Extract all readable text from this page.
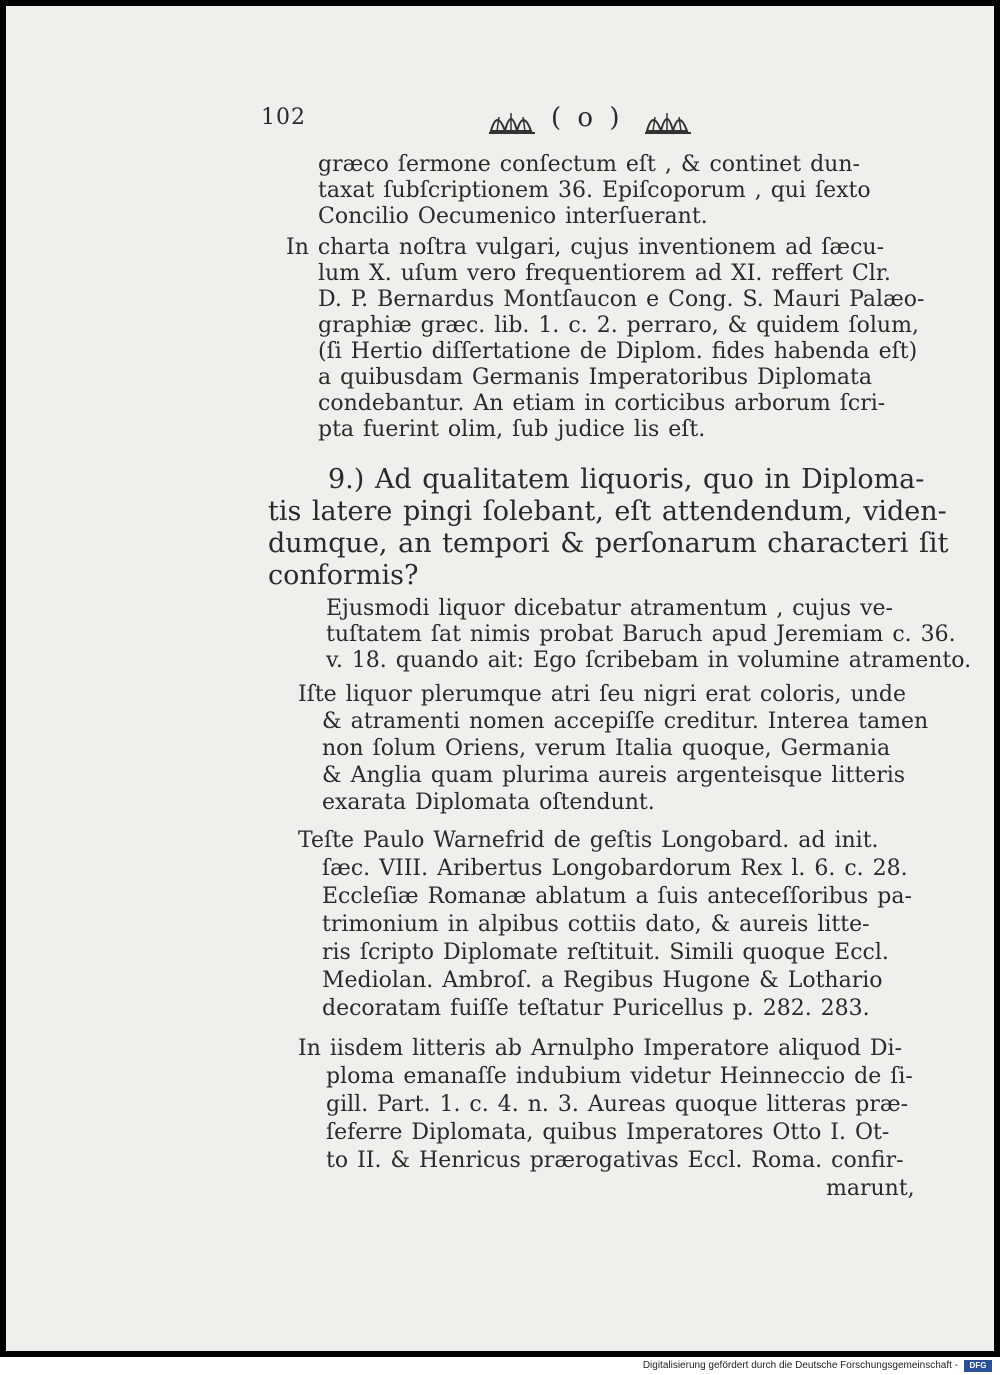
102	( o )
græco ſermone conſectum eſt , & continet dun-
taxat ſubſcriptionem 36. Epiſcoporum , qui ſexto
Concilio Oecumenico interſuerant.
In charta noſtra vulgari, cujus inventionem ad ſæcu-
lum X. uſum vero frequentiorem ad XI. reffert Clr.
D. P. Bernardus Montſaucon e Cong. S. Mauri Palæo-
graphiæ græc. lib. 1. c. 2. perraro, & quidem ſolum,
(ſi Hertio diſſertatione de Diplom. fides habenda eſt)
a quibusdam Germanis Imperatoribus Diplomata
condebantur. An etiam in corticibus arborum ſcri-
pta fuerint olim, ſub judice lis eſt.
9.) Ad qualitatem liquoris, quo in Diploma-
tis latere pingi ſolebant, eſt attendendum, viden-
dumque, an tempori & perſonarum characteri ſit
conformis?
Ejusmodi liquor dicebatur atramentum , cujus ve-
tuſtatem ſat nimis probat Baruch apud Jeremiam c. 36.
v. 18. quando ait: Ego ſcribebam in volumine atramento.
Iſte liquor plerumque atri ſeu nigri erat coloris, unde
& atramenti nomen accepiſſe creditur. Interea tamen
non ſolum Oriens, verum Italia quoque, Germania
& Anglia quam plurima aureis argenteisque litteris
exarata Diplomata oſtendunt.
Teſte Paulo Warnefrid de geſtis Longobard. ad init.
ſæc. VIII. Aribertus Longobardorum Rex l. 6. c. 28.
Eccleſiæ Romanæ ablatum a ſuis anteceſſoribus pa-
trimonium in alpibus cottiis dato, & aureis litte-
ris ſcripto Diplomate reſtituit. Simili quoque Eccl.
Mediolan. Ambroſ. a Regibus Hugone & Lothario
decoratam fuiſſe teſtatur Puricellus p. 282. 283.
In iisdem litteris ab Arnulpho Imperatore aliquod Di-
ploma emanaſſe indubium videtur Heinneccio de ſi-
gill. Part. 1. c. 4. n. 3. Aureas quoque litteras præ-
ſeferre Diplomata, quibus Imperatores Otto I. Ot-
to II. & Henricus prærogativas Eccl. Roma. confir-
marunt,
Digitalisierung gefördert durch die Deutsche Forschungsgemeinschaft -	DFG
